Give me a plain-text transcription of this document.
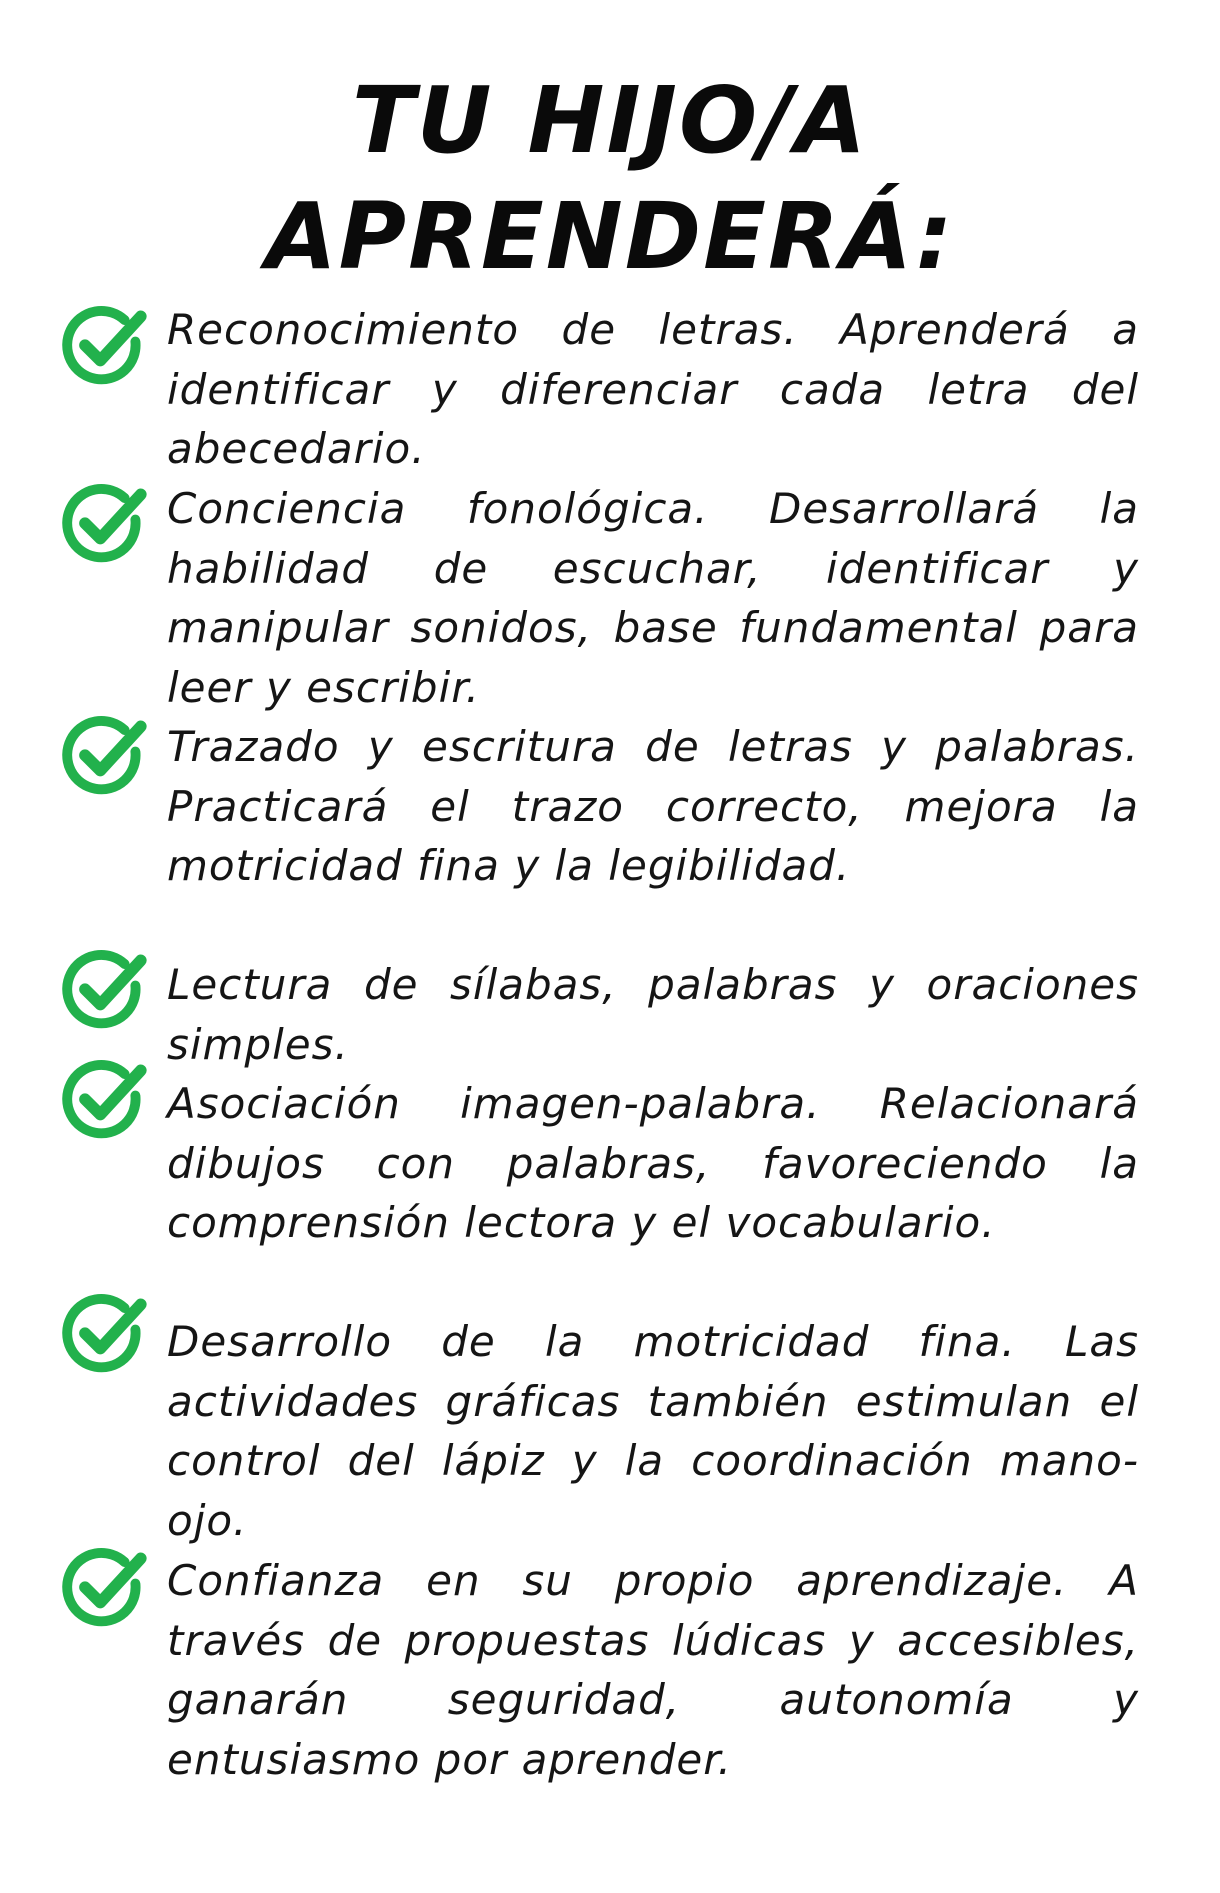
TU HIJO/A
APRENDERÁ:

Reconocimiento de letras. Aprenderá a identificar y diferenciar cada letra del abecedario.

Conciencia fonológica. Desarrollará la habilidad de escuchar, identificar y manipular sonidos, base fundamental para leer y escribir.

Trazado y escritura de letras y palabras. Practicará el trazo correcto, mejora la motricidad fina y la legibilidad.

Lectura de sílabas, palabras y oraciones simples.

Asociación imagen-palabra. Relacionará dibujos con palabras, favoreciendo la comprensión lectora y el vocabulario.

Desarrollo de la motricidad fina. Las actividades gráficas también estimulan el control del lápiz y la coordinación mano-ojo.

Confianza en su propio aprendizaje. A través de propuestas lúdicas y accesibles, ganarán seguridad, autonomía y entusiasmo por aprender.
